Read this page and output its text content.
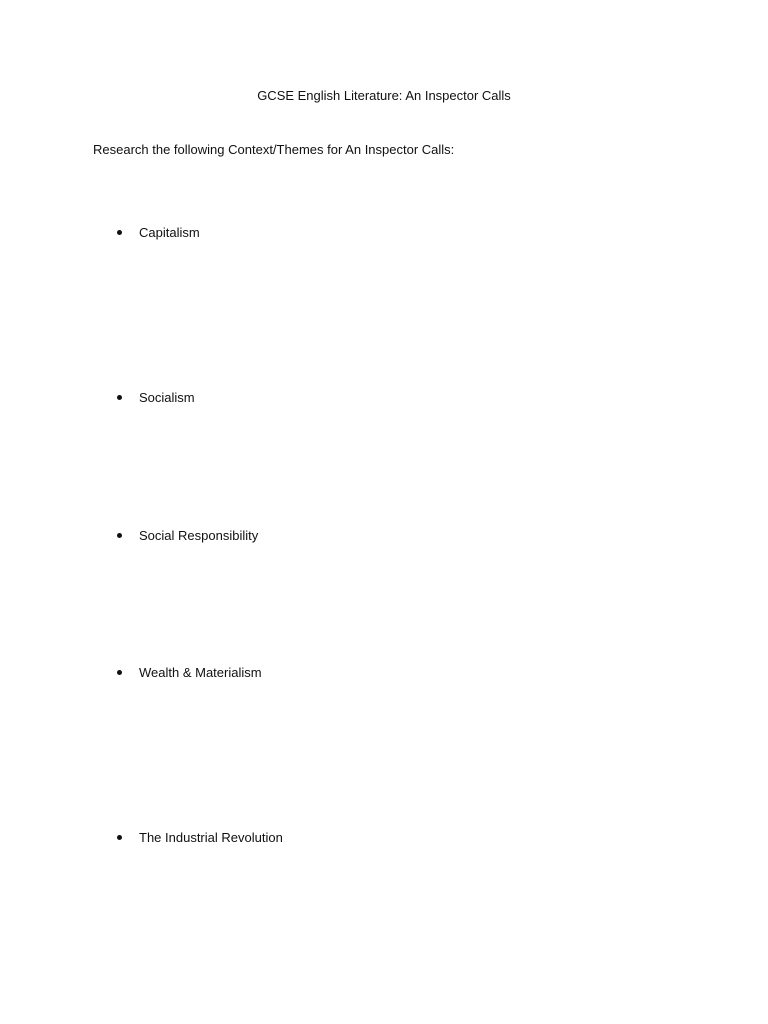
GCSE English Literature: An Inspector Calls
Research the following Context/Themes for An Inspector Calls:
Capitalism
Socialism
Social Responsibility
Wealth & Materialism
The Industrial Revolution
